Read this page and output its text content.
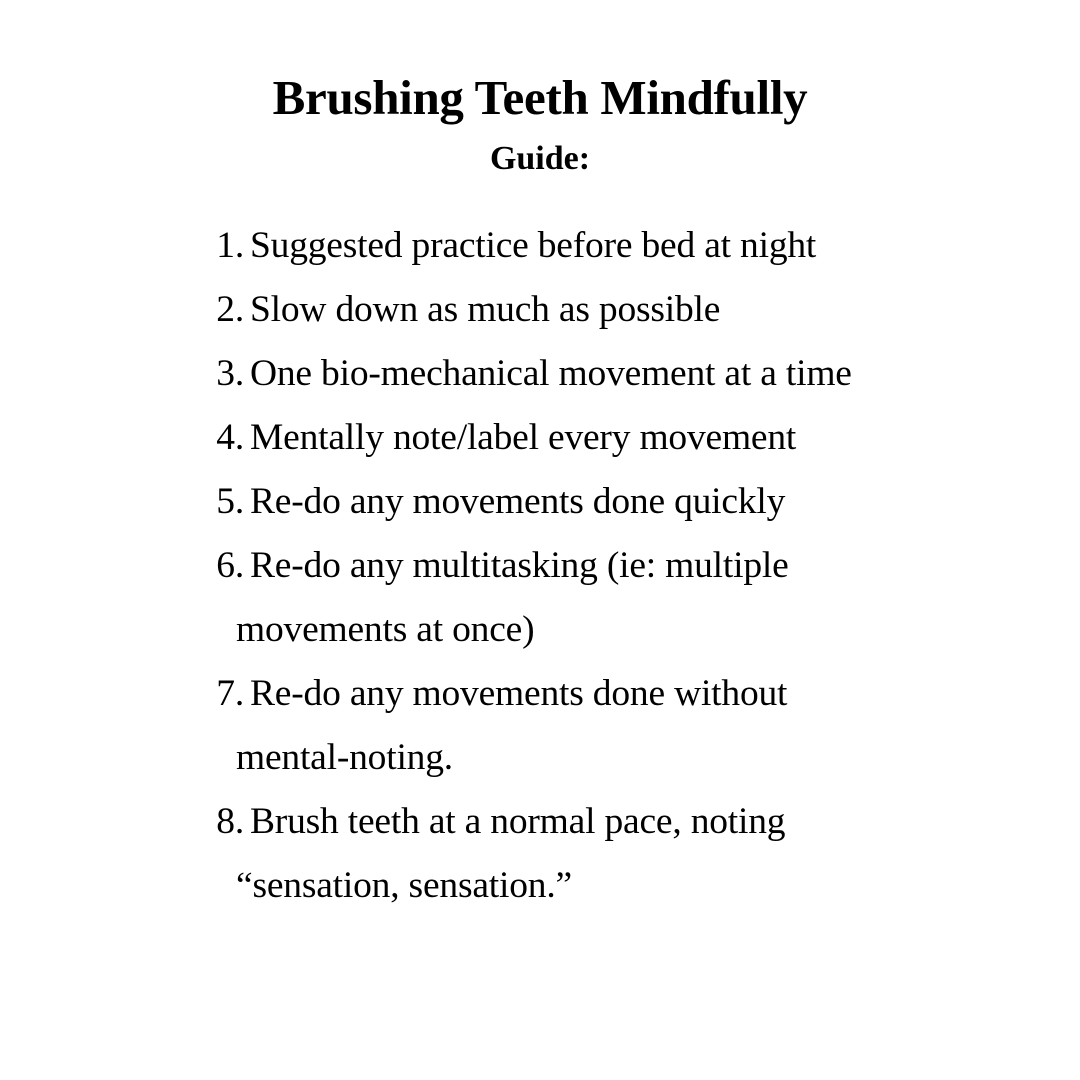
Brushing Teeth Mindfully
Guide:
1. Suggested practice before bed at night
2. Slow down as much as possible
3. One bio-mechanical movement at a time
4. Mentally note/label every movement
5. Re-do any movements done quickly
6. Re-do any multitasking (ie: multiple
movements at once)
7. Re-do any movements done without
mental-noting.
8. Brush teeth at a normal pace, noting
“sensation, sensation.”
